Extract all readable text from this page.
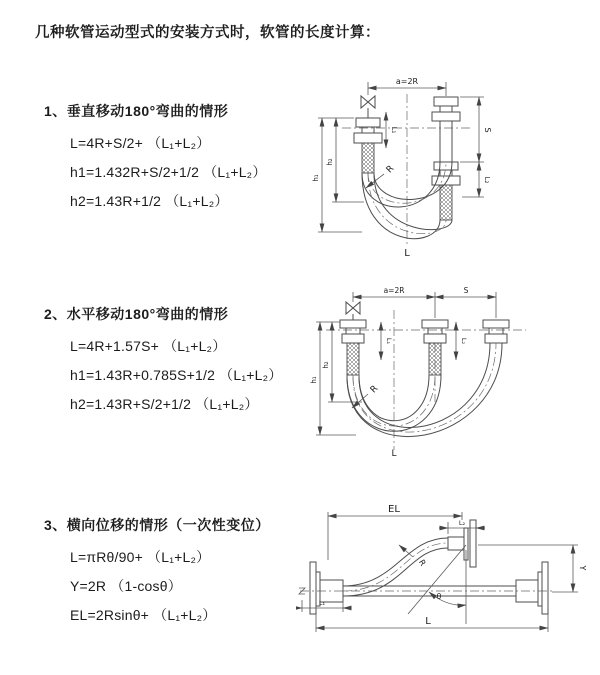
几种软管运动型式的安装方式时，软管的长度计算：
1、垂直移动180°弯曲的情形
L=4R+S/2+ （L₁+L₂）
h1=1.432R+S/2+1/2 （L₁+L₂）
h2=1.43R+1/2 （L₁+L₂）
2、水平移动180°弯曲的情形
L=4R+1.57S+ （L₁+L₂）
h1=1.43R+0.785S+1/2 （L₁+L₂）
h2=1.43R+S/2+1/2 （L₁+L₂）
3、横向位移的情形（一次性变位）
L=πRθ/90+ （L₁+L₂）
Y=2R （1-cosθ）
EL=2Rsinθ+ （L₁+L₂）
a=2R
L₁	S
L₂
h₁
h₂
R
L
a=2R	S
L₁	L₂
h₁
h₂
R
L
EL
L₂
R
θ
Y
L₁
L
